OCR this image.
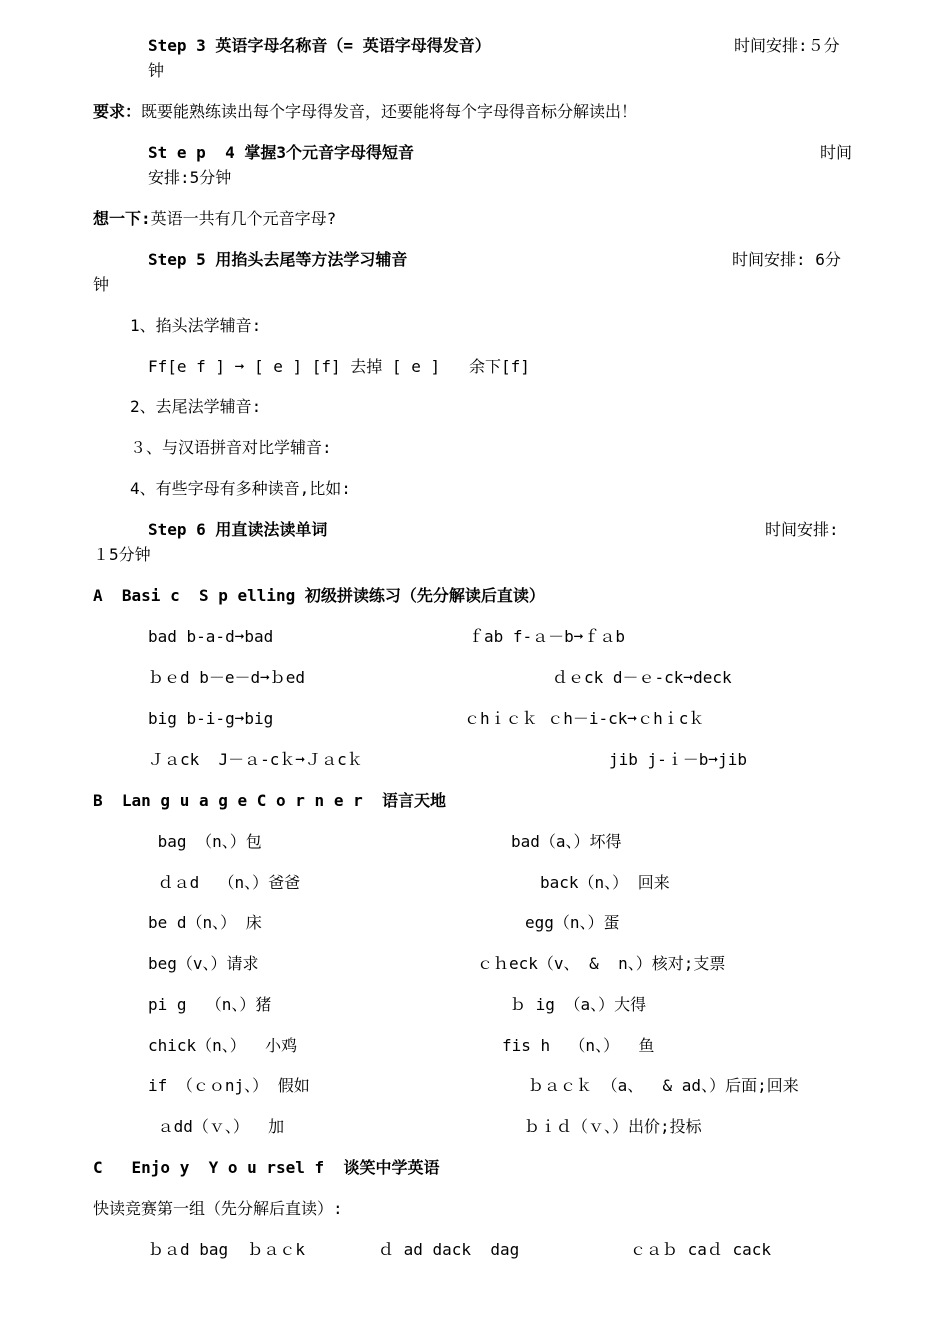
Step 3 英语字母名称音（= 英语字母得发音）	时间安排:５分
钟
要求：既要能熟练读出每个字母得发音，还要能将每个字母得音标分解读出！
St e p  4 掌握3个元音字母得短音	时间
安排:5分钟
想一下:英语一共有几个元音字母?
Step 5 用掐头去尾等方法学习辅音	时间安排: 6分
钟
1、掐头法学辅音:
Ff[e f ] ➞ [ e ] [f] 去掉 [ e ]   余下[f]
2、去尾法学辅音:
３、与汉语拼音对比学辅音:
4、有些字母有多种读音,比如:
Step 6 用直读法读单词	时间安排:
１5分钟
A  Basi c  S p elling 初级拼读练习（先分解读后直读）
bad b-a-d➞bad	ｆab f-ａ－b➞ｆａb
ｂｅd b－e－d➞ｂed	ｄｅck d－ｅ-ck➞deck
big b-i-g➞big	ｃhｉｃｋ ｃh－i-ck➞ｃhｉcｋ
Ｊａck  J－ａ-cｋ➞Ｊａcｋ	jib j-ｉ－b➞jib
B  Lan g u a g e C o r n e r  语言天地
bag （n、）包	bad（a、）坏得
ｄａd  （n、）爸爸	back（n、） 回来
be d（n、） 床	egg（n、）蛋
beg（v、）请求	ｃｈeck（v、 &  n、）核对;支票
pi g  （n、）猪	ｂ ig （a、）大得
chick（n、）  小鸡	fis h  （n、）  鱼
if （ｃｏnj、） 假如	ｂａｃｋ （a、  & ad、）后面;回来
ａdd（ｖ、）  加	ｂｉｄ（ｖ、）出价;投标
C   Enjo y  Y o u rsel f  谈笑中学英语
快读竞赛第一组（先分解后直读）:
ｂａd bag  ｂａｃk	ｄ ad dack  dag	ｃａｂ caｄ cack
